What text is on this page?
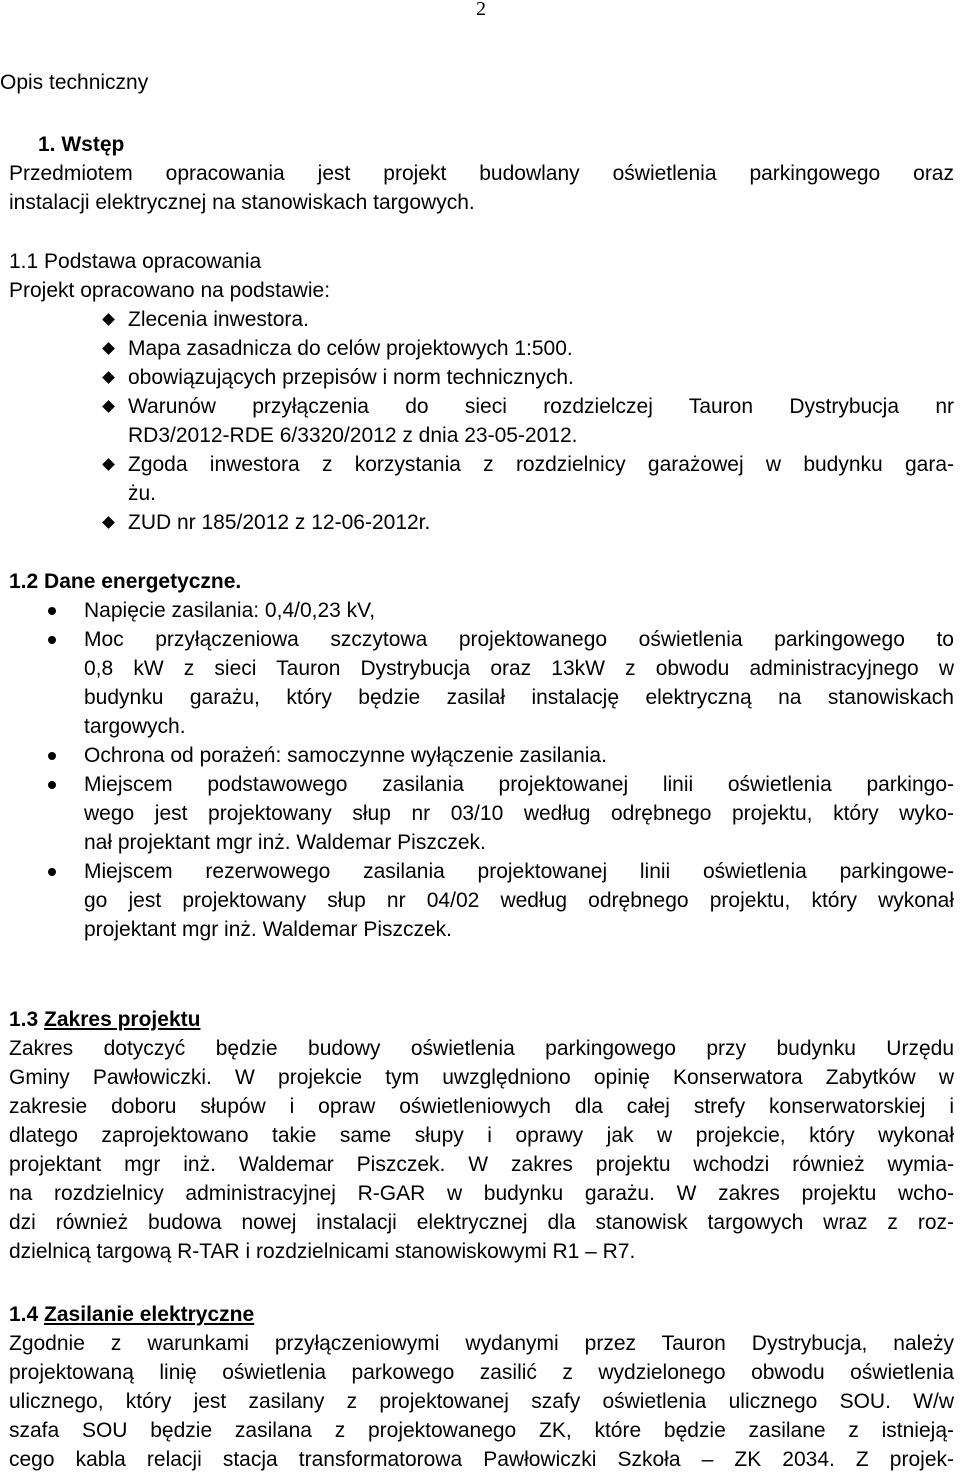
2
Opis techniczny
1. Wstęp
Przedmiotem opracowania jest projekt budowlany oświetlenia parkingowego oraz
instalacji elektrycznej na stanowiskach targowych.
1.1 Podstawa opracowania
Projekt opracowano na podstawie:
Zlecenia inwestora.
Mapa zasadnicza do celów projektowych 1:500.
obowiązujących przepisów i norm technicznych.
Warunów przyłączenia do sieci rozdzielczej Tauron Dystrybucja nr
RD3/2012-RDE 6/3320/2012 z dnia 23-05-2012.
Zgoda inwestora z korzystania z rozdzielnicy garażowej w budynku gara-
żu.
ZUD nr 185/2012 z 12-06-2012r.
1.2 Dane energetyczne.
Napięcie zasilania: 0,4/0,23 kV,
Moc przyłączeniowa szczytowa projektowanego oświetlenia parkingowego to
0,8 kW z sieci Tauron Dystrybucja oraz 13kW z obwodu administracyjnego w
budynku garażu, który będzie zasilał instalację elektryczną na stanowiskach
targowych.
Ochrona od porażeń: samoczynne wyłączenie zasilania.
Miejscem podstawowego zasilania projektowanej linii oświetlenia parkingo-
wego jest projektowany słup nr 03/10 według odrębnego projektu, który wyko-
nał projektant mgr inż. Waldemar Piszczek.
Miejscem rezerwowego zasilania projektowanej linii oświetlenia parkingowe-
go jest projektowany słup nr 04/02 według odrębnego projektu, który wykonał
projektant mgr inż. Waldemar Piszczek.
1.3 Zakres projektu
Zakres dotyczyć będzie budowy oświetlenia parkingowego przy budynku Urzędu
Gminy Pawłowiczki. W projekcie tym uwzględniono opinię Konserwatora Zabytków w
zakresie doboru słupów i opraw oświetleniowych dla całej strefy konserwatorskiej i
dlatego zaprojektowano takie same słupy i oprawy jak w projekcie, który wykonał
projektant mgr inż. Waldemar Piszczek. W zakres projektu wchodzi również wymia-
na rozdzielnicy administracyjnej R-GAR w budynku garażu. W zakres projektu wcho-
dzi również budowa nowej instalacji elektrycznej dla stanowisk targowych wraz z roz-
dzielnicą targową R-TAR i rozdzielnicami stanowiskowymi R1 – R7.
1.4 Zasilanie elektryczne
Zgodnie z warunkami przyłączeniowymi wydanymi przez Tauron Dystrybucja, należy
projektowaną linię oświetlenia parkowego zasilić z wydzielonego obwodu oświetlenia
ulicznego, który jest zasilany z projektowanej szafy oświetlenia ulicznego SOU. W/w
szafa SOU będzie zasilana z projektowanego ZK, które będzie zasilane z istnieją-
cego kabla relacji stacja transformatorowa Pawłowiczki Szkoła – ZK 2034. Z projek-
